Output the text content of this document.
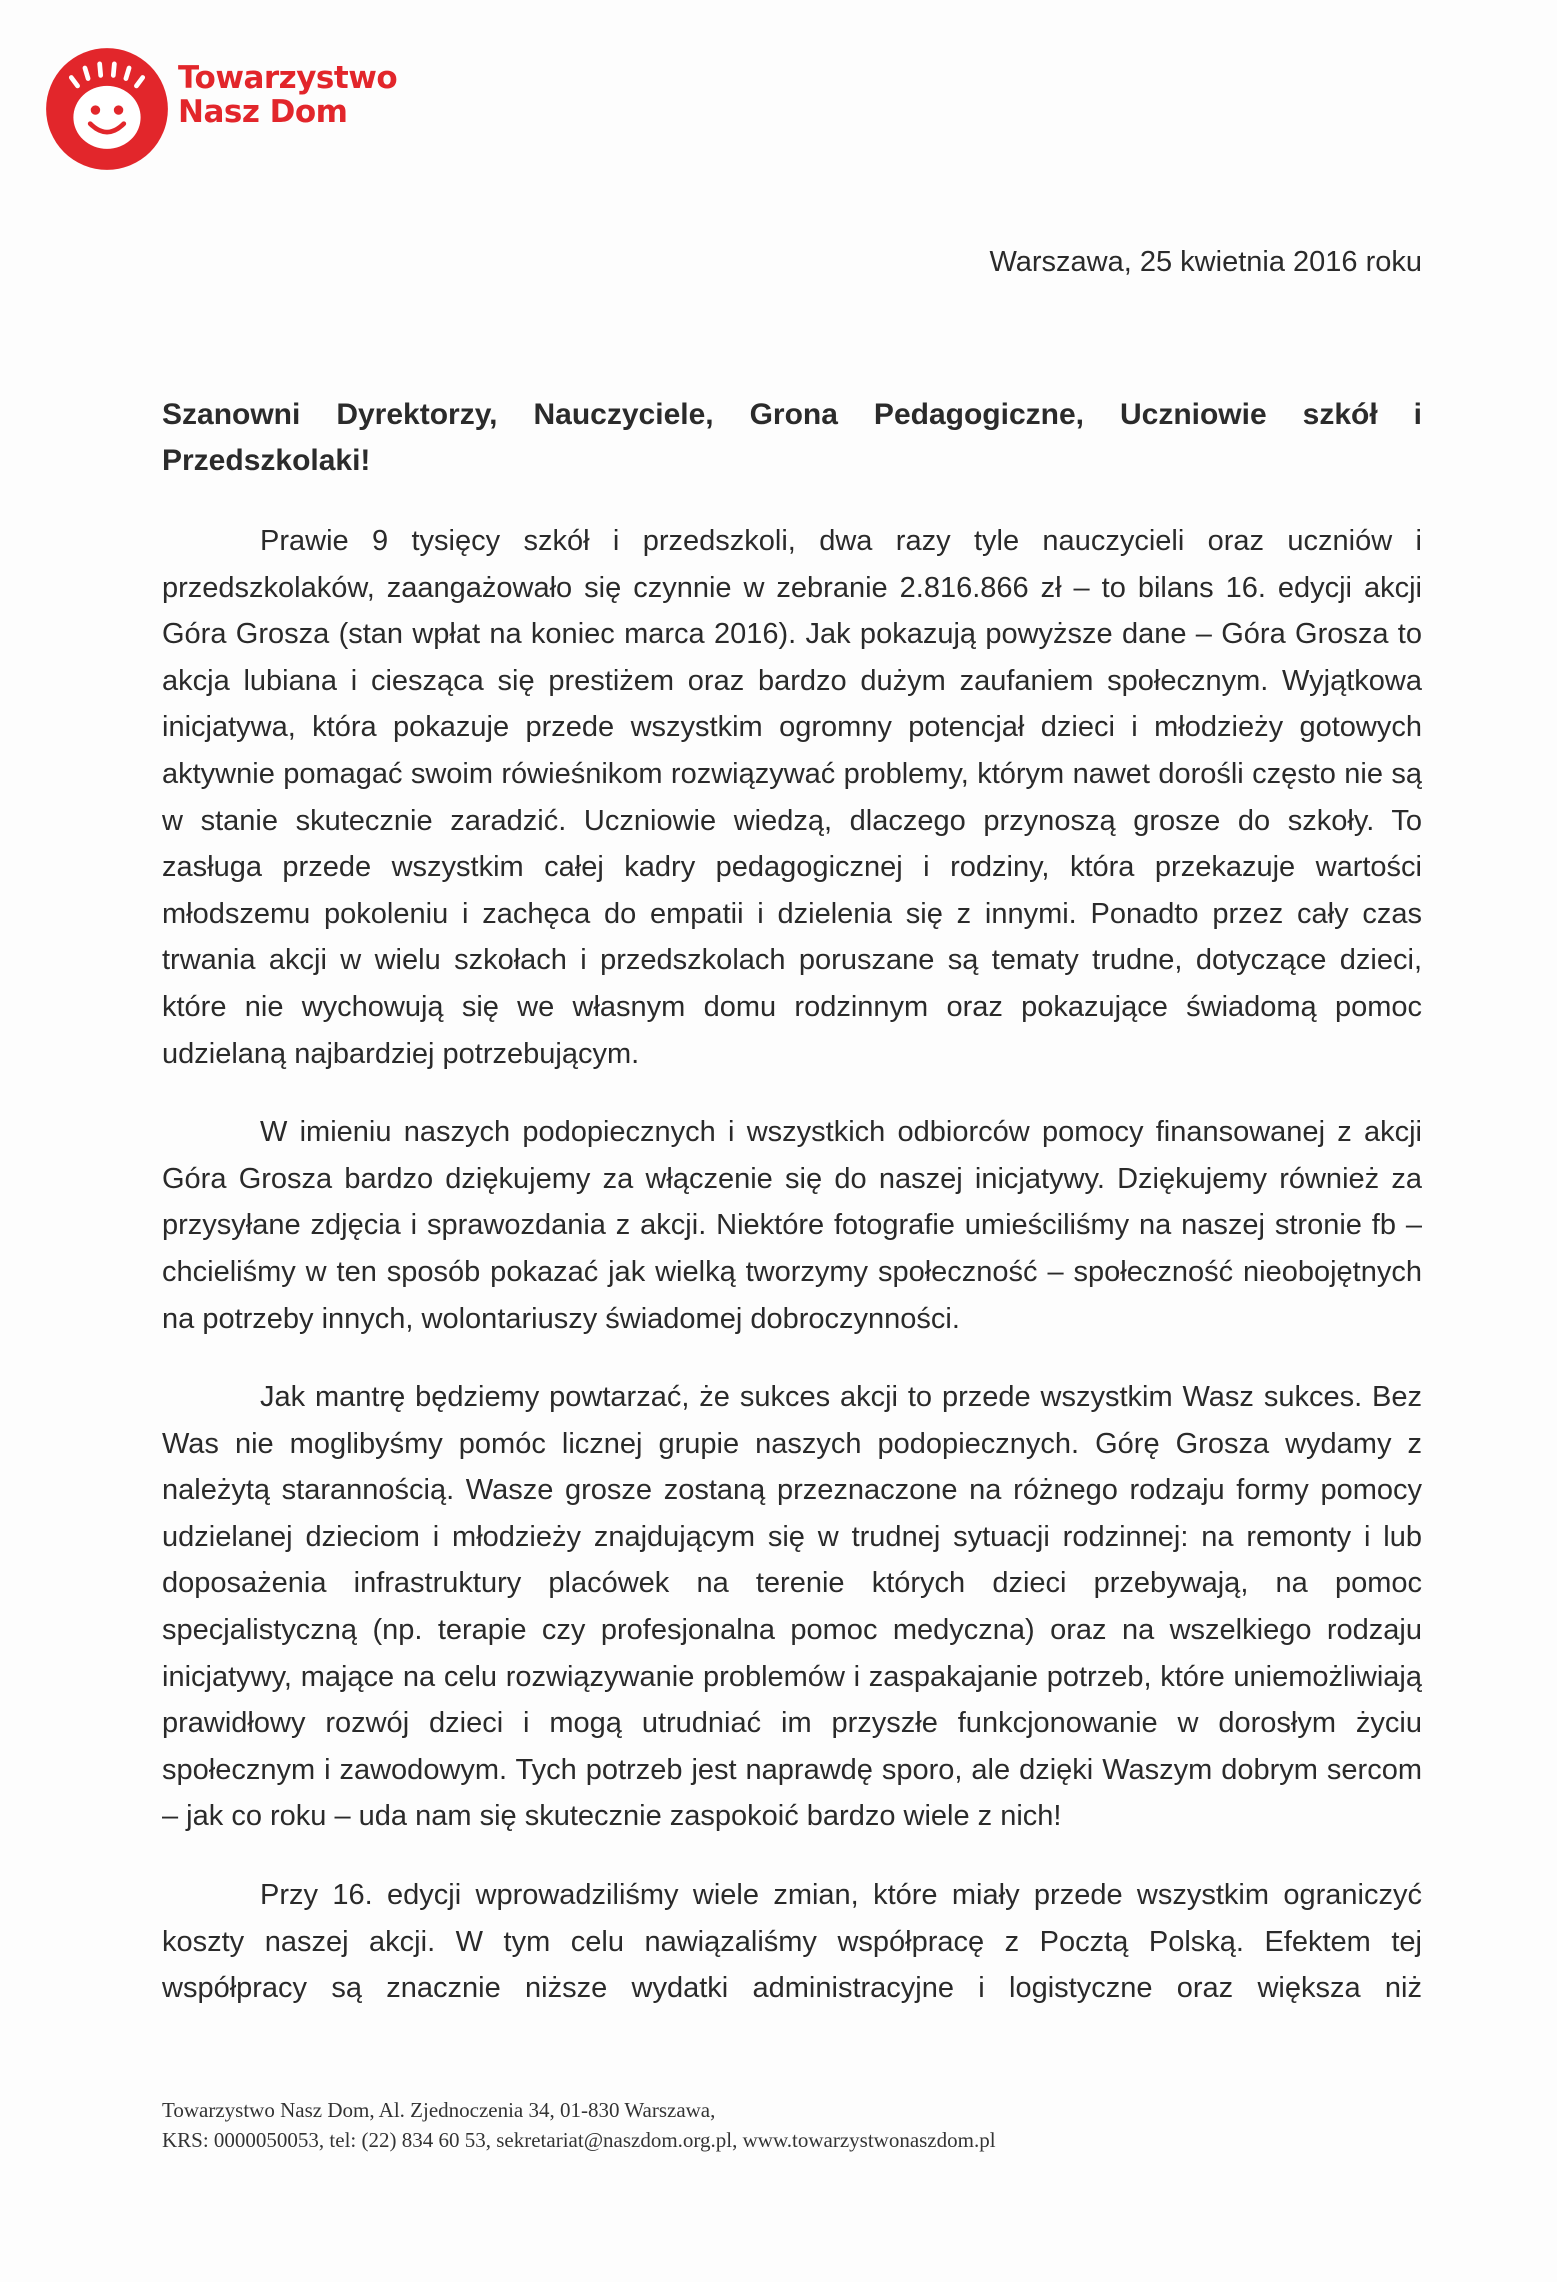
Towarzystwo
Nasz Dom
Warszawa, 25 kwietnia 2016 roku
Szanowni Dyrektorzy, Nauczyciele, Grona Pedagogiczne, Uczniowie szkół i Przedszkolaki!

Prawie 9 tysięcy szkół i przedszkoli, dwa razy tyle nauczycieli oraz uczniów i przedszkolaków, zaangażowało się czynnie w zebranie 2.816.866 zł – to bilans 16. edycji akcji Góra Grosza (stan wpłat na koniec marca 2016). Jak pokazują powyższe dane – Góra Grosza to akcja lubiana i ciesząca się prestiżem oraz bardzo dużym zaufaniem społecznym. Wyjątkowa inicjatywa, która pokazuje przede wszystkim ogromny potencjał dzieci i młodzieży gotowych aktywnie pomagać swoim rówieśnikom rozwiązywać problemy, którym nawet dorośli często nie są w stanie skutecznie zaradzić. Uczniowie wiedzą, dlaczego przynoszą grosze do szkoły. To zasługa przede wszystkim całej kadry pedagogicznej i rodziny, która przekazuje wartości młodszemu pokoleniu i zachęca do empatii i dzielenia się z innymi. Ponadto przez cały czas trwania akcji w wielu szkołach i przedszkolach poruszane są tematy trudne, dotyczące dzieci, które nie wychowują się we własnym domu rodzinnym oraz pokazujące świadomą pomoc udzielaną najbardziej potrzebującym.

W imieniu naszych podopiecznych i wszystkich odbiorców pomocy finansowanej z akcji Góra Grosza bardzo dziękujemy za włączenie się do naszej inicjatywy. Dziękujemy również za przysyłane zdjęcia i sprawozdania z akcji. Niektóre fotografie umieściliśmy na naszej stronie fb – chcieliśmy w ten sposób pokazać jak wielką tworzymy społeczność – społeczność nieobojętnych na potrzeby innych, wolontariuszy świadomej dobroczynności.

Jak mantrę będziemy powtarzać, że sukces akcji to przede wszystkim Wasz sukces. Bez Was nie moglibyśmy pomóc licznej grupie naszych podopiecznych. Górę Grosza wydamy z należytą starannością. Wasze grosze zostaną przeznaczone na różnego rodzaju formy pomocy udzielanej dzieciom i młodzieży znajdującym się w trudnej sytuacji rodzinnej: na remonty i lub doposażenia infrastruktury placówek na terenie których dzieci przebywają, na pomoc specjalistyczną (np. terapie czy profesjonalna pomoc medyczna) oraz na wszelkiego rodzaju inicjatywy, mające na celu rozwiązywanie problemów i zaspakajanie potrzeb, które uniemożliwiają prawidłowy rozwój dzieci i mogą utrudniać im przyszłe funkcjonowanie w dorosłym życiu społecznym i zawodowym. Tych potrzeb jest naprawdę sporo, ale dzięki Waszym dobrym sercom – jak co roku – uda nam się skutecznie zaspokoić bardzo wiele z nich!

Przy 16. edycji wprowadziliśmy wiele zmian, które miały przede wszystkim ograniczyć koszty naszej akcji. W tym celu nawiązaliśmy współpracę z Pocztą Polską. Efektem tej współpracy są znacznie niższe wydatki administracyjne i logistyczne oraz większa niż

Towarzystwo Nasz Dom, Al. Zjednoczenia 34, 01-830 Warszawa,
KRS: 0000050053, tel: (22) 834 60 53, sekretariat@naszdom.org.pl, www.towarzystwonaszdom.pl
